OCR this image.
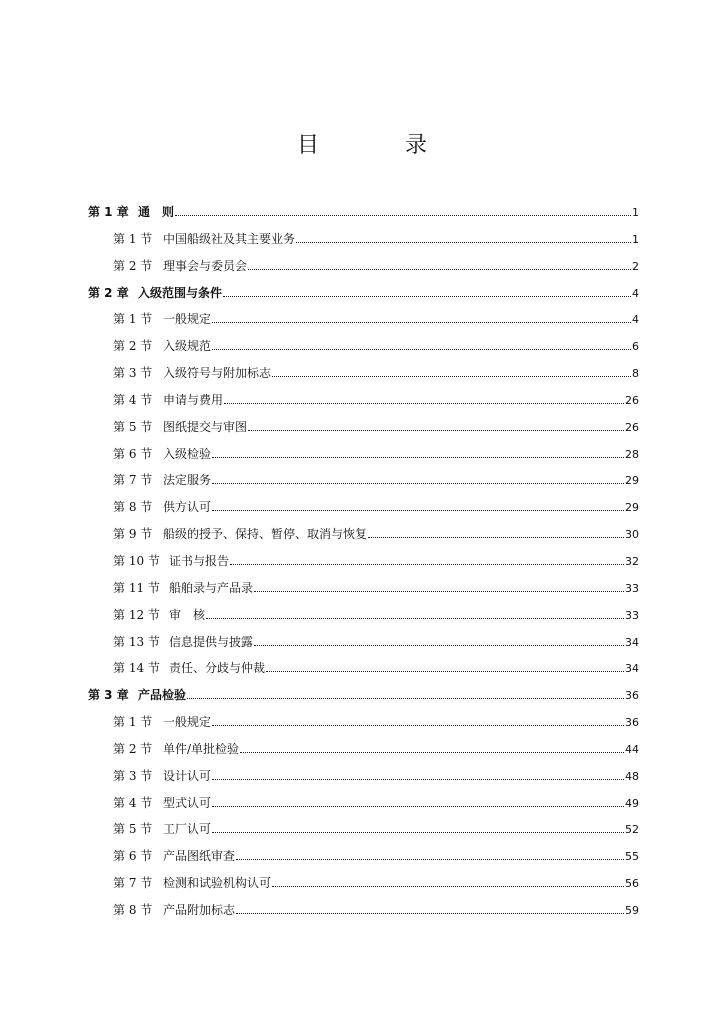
目　录
第 1 章 通　则	1
第 1 节 中国船级社及其主要业务	1
第 2 节 理事会与委员会	2
第 2 章 入级范围与条件	4
第 1 节 一般规定	4
第 2 节 入级规范	6
第 3 节 入级符号与附加标志	8
第 4 节 申请与费用	26
第 5 节 图纸提交与审图	26
第 6 节 入级检验	28
第 7 节 法定服务	29
第 8 节 供方认可	29
第 9 节 船级的授予、保持、暂停、取消与恢复	30
第 10 节 证书与报告	32
第 11 节 船舶录与产品录	33
第 12 节 审　核	33
第 13 节 信息提供与披露	34
第 14 节 责任、分歧与仲裁	34
第 3 章 产品检验	36
第 1 节 一般规定	36
第 2 节 单件/单批检验	44
第 3 节 设计认可	48
第 4 节 型式认可	49
第 5 节 工厂认可	52
第 6 节 产品图纸审查	55
第 7 节 检测和试验机构认可	56
第 8 节 产品附加标志	59
